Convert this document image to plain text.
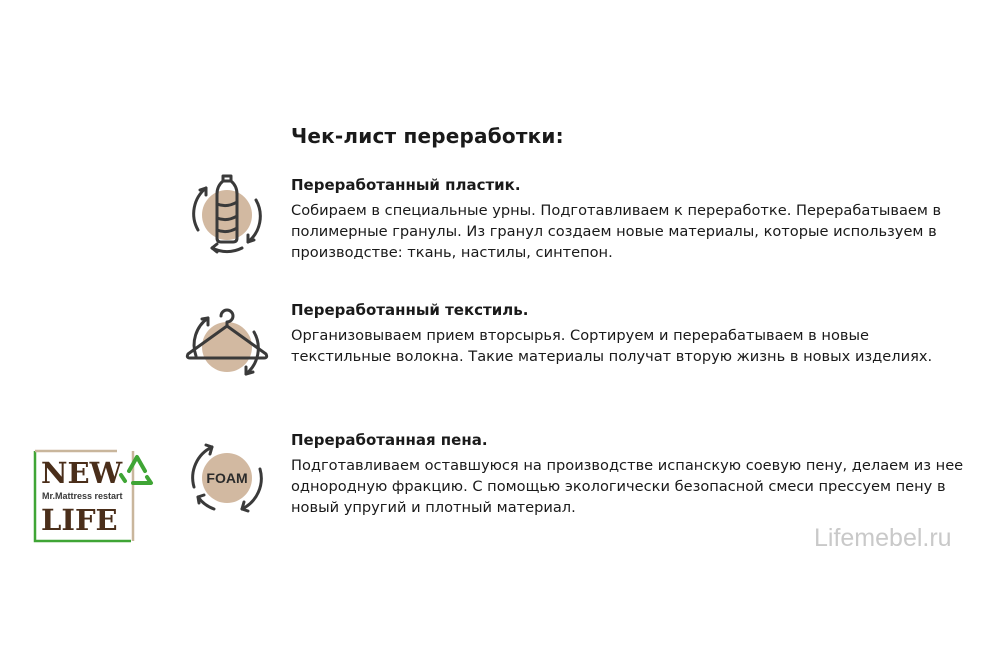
Чек-лист переработки:
Переработанный пластик.

Собираем в специальные урны. Подготавливаем к переработке. Перерабатываем в полимерные гранулы. Из гранул создаем новые материалы, которые используем в производстве: ткань, настилы, синтепон.

Переработанный текстиль.

Организовываем прием вторсырья. Сортируем и перерабатываем в новые текстильные волокна. Такие материалы получат вторую жизнь в новых изделиях.

FOAM
Переработанная пена.

Подготавливаем оставшуюся на производстве испанскую соевую пену, делаем из нее однородную фракцию. С помощью экологически безопасной смеси прессуем пену в новый упругий и плотный материал.

NEW
Mr.Mattress restart
LIFE

Lifemebel.ru
